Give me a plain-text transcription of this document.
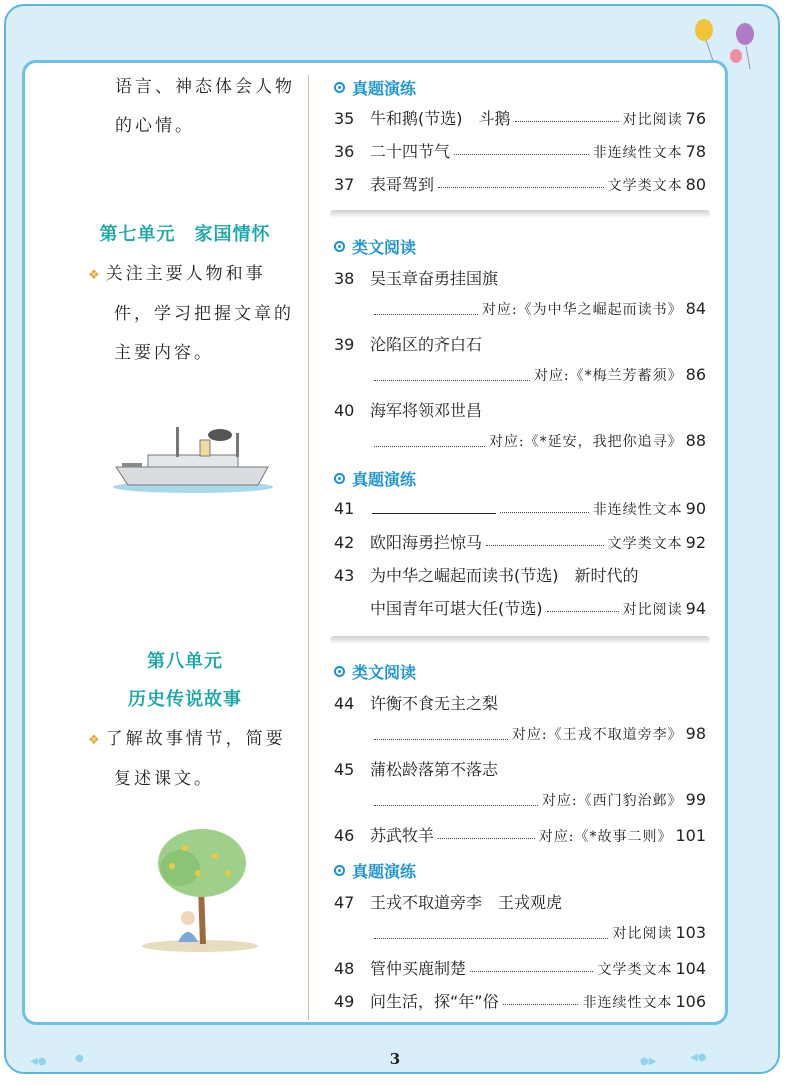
语言、神态体会人物
的心情。
第七单元　家国情怀
❖ 关注主要人物和事
件，学习把握文章的
主要内容。
第八单元
历史传说故事
❖ 了解故事情节，简要
复述课文。
真题演练
35 牛和鹅(节选)　斗鹅	对比阅读 76
36 二十四节气	非连续性文本 78
37 表哥驾到	文学类文本 80
类文阅读
38 吴玉章奋勇挂国旗
对应:《为中华之崛起而读书》 84
39 沦陷区的齐白石
对应:《*梅兰芳蓄须》 86
40 海军将领邓世昌
对应:《*延安，我把你追寻》 88
真题演练
41	非连续性文本 90
42 欧阳海勇拦惊马	文学类文本 92
43 为中华之崛起而读书(节选)　新时代的
中国青年可堪大任(节选)	对比阅读 94
类文阅读
44 许衡不食无主之梨
对应:《王戎不取道旁李》 98
45 蒲松龄落第不落志
对应:《西门豹治邺》 99
46 苏武牧羊	对应:《*故事二则》 101
真题演练
47 王戎不取道旁李　王戎观虎
对比阅读 103
48 管仲买鹿制楚	文学类文本 104
49 问生活，探“年”俗	非连续性文本 106
◀●	●	●▶	◀●
3
